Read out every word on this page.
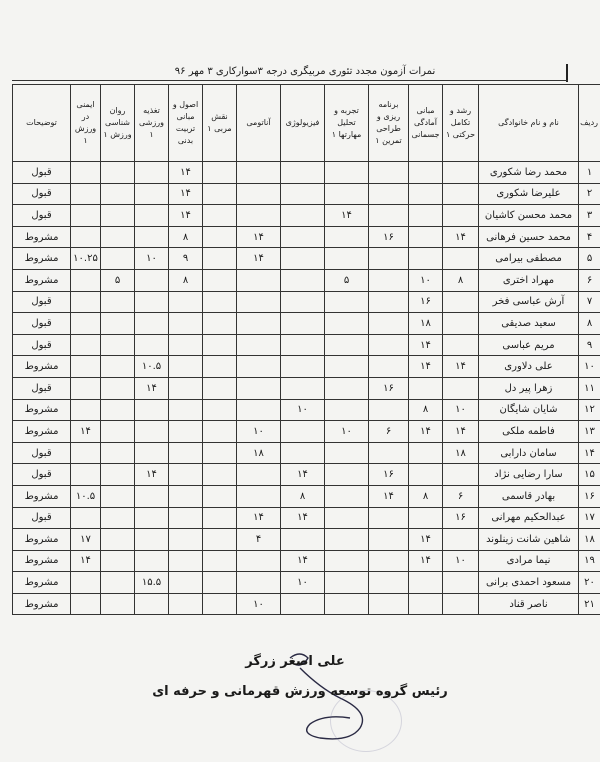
نمرات آزمون مجدد تئوری مربیگری درجه ۳سوارکاری ۳ مهر ۹۶
توضیحات	ایمنی در ورزش ۱	روان شناسی ورزش ۱	تغذیه ورزشی ۱	اصول و مبانی تربیت بدنی	نقش مربی ۱	آناتومی	فیزیولوژی	تجربه و تحلیل مهارتها ۱	برنامه ریزی و طراحی تمرین ۱	مبانی آمادگی جسمانی	رشد و تکامل حرکتی ۱	نام و نام خانوادگی	ردیف
قبول				۱۴								محمد رضا شکوری	۱
قبول				۱۴								علیرضا شکوری	۲
قبول				۱۴				۱۴				محمد محسن کاشیان	۳
مشروط				۸		۱۴			۱۶		۱۴	محمد حسین فرهانی	۴
مشروط	۱۰.۲۵		۱۰	۹		۱۴						مصطفی بیرامی	۵
مشروط		۵		۸				۵		۱۰	۸	مهراد اختری	۶
قبول										۱۶		آرش عباسی فخر	۷
قبول										۱۸		سعید صدیقی	۸
قبول										۱۴		مریم عباسی	۹
مشروط			۱۰.۵							۱۴	۱۴	علی دلاوری	۱۰
قبول			۱۴						۱۶			زهرا پیر دل	۱۱
مشروط							۱۰			۸	۱۰	شایان شایگان	۱۲
مشروط	۱۴					۱۰		۱۰	۶	۱۴	۱۴	فاطمه ملکی	۱۳
قبول						۱۸					۱۸	سامان دارابی	۱۴
قبول			۱۴				۱۴		۱۶			سارا رضایی نژاد	۱۵
مشروط	۱۰.۵						۸		۱۴	۸	۶	بهادر قاسمی	۱۶
قبول						۱۴	۱۴				۱۶	عبدالحکیم مهرانی	۱۷
مشروط	۱۷					۴				۱۴		شاهین شانت زینلوند	۱۸
مشروط	۱۴						۱۴			۱۴	۱۰	نیما مرادی	۱۹
مشروط			۱۵.۵				۱۰					مسعود احمدی برانی	۲۰
مشروط						۱۰						ناصر قناد	۲۱
علی اصغر زرگر
رئیس گروه توسعه ورزش قهرمانی و حرفه ای
